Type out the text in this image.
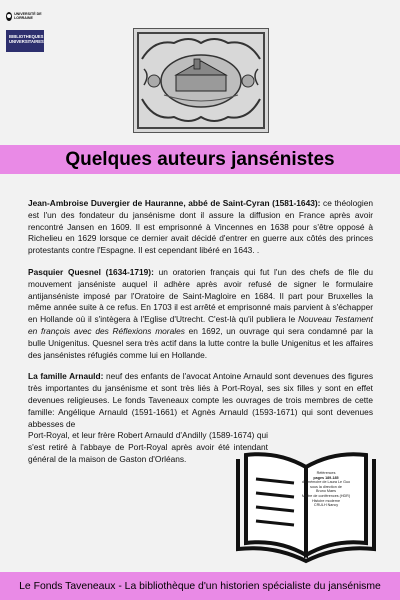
UNIVERSITÉ DE LORRAINE
BIBLIOTHEQUES UNIVERSITAIRES
Quelques auteurs jansénistes

Jean-Ambroise Duvergier de Hauranne, abbé de Saint-Cyran (1581-1643): ce théologien est l'un des fondateur du jansénisme dont il assure la diffusion en France après avoir rencontré Jansen en 1609. Il est emprisonné à Vincennes en 1638 pour s'être opposé à Richelieu en 1629 lorsque ce dernier avait décidé d'entrer en guerre aux côtés des princes protestants contre l'Espagne. Il est cependant libéré en 1643. .

Pasquier Quesnel (1634-1719): un oratorien français qui fut l'un des chefs de file du mouvement janséniste auquel il adhère après avoir refusé de signer le formulaire antijanséniste imposé par l'Oratoire de Saint-Magloire en 1684. Il part pour Bruxelles la même année suite à ce refus. En 1703 il est arrêté et emprisonné mais parvient à s'échapper en Hollande où il s'intègera à l'Eglise d'Utrecht. C'est-là qu'il publiera le Nouveau Testament en françois avec des Réflexions morales en 1692, un ouvrage qui sera condamné par la bulle Unigenitus. Quesnel sera très actif dans la lutte contre la bulle Unigenitus et les affaires des jansénistes réfugiés comme lui en Hollande.

La famille Arnauld: neuf des enfants de l'avocat Antoine Arnauld sont devenues des figures très importantes du jansénisme et sont très liés à Port-Royal, ses six filles y sont en effet devenues religieuses. Le fonds Taveneaux compte les ouvrages de trois membres de cette famille: Angélique Arnauld (1591-1661) et Agnès Arnauld (1593-1671) qui sont devenues abbesses de

Port-Royal, et leur frère Robert Arnauld d'Andilly (1589-1674) qui s'est retiré à l'abbaye de Port-Royal après avoir été intendant général de la maison de Gaston d'Orléans.

Références
pages 189-185
du mémoire de Laura Le Guo
sous la direction de
Bruno Maes
Maître de conférences (HDR)
Histoire moderne
CRULH Nancy
Le Fonds Taveneaux - La bibliothèque d'un historien spécialiste du jansénisme
